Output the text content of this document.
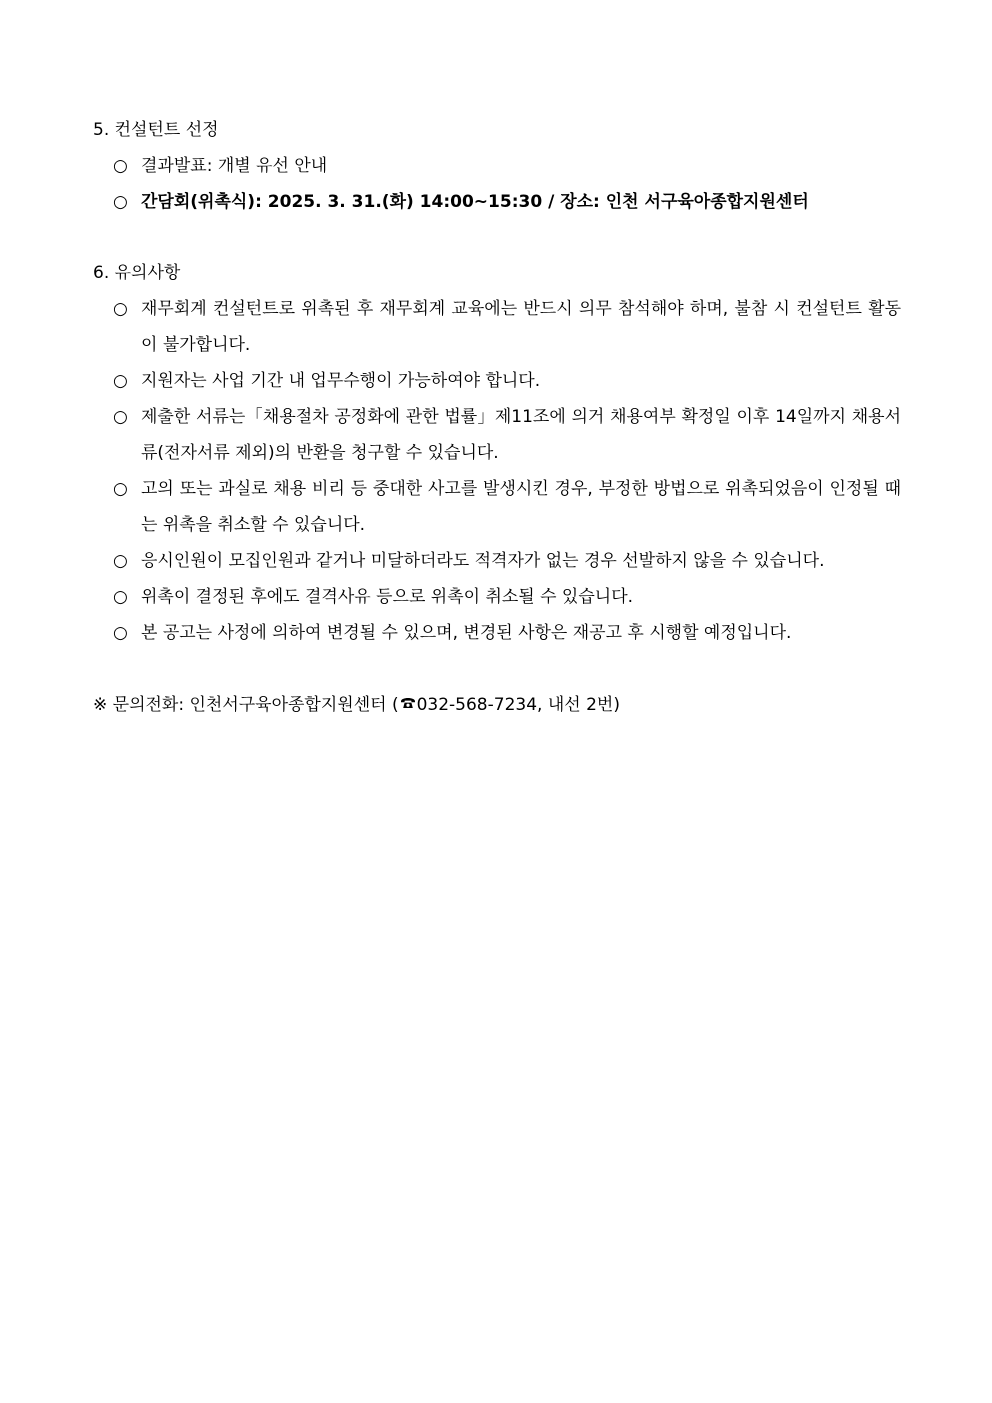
5. 컨설턴트 선정
○ 결과발표: 개별 유선 안내
○ 간담회(위촉식): 2025. 3. 31.(화) 14:00~15:30 / 장소: 인천 서구육아종합지원센터
6. 유의사항
○ 재무회계 컨설턴트로 위촉된 후 재무회계 교육에는 반드시 의무 참석해야 하며, 불참 시 컨설턴트 활동이 불가합니다.
○ 지원자는 사업 기간 내 업무수행이 가능하여야 합니다.
○ 제출한 서류는「채용절차 공정화에 관한 법률」제11조에 의거 채용여부 확정일 이후 14일까지 채용서류(전자서류 제외)의 반환을 청구할 수 있습니다.
○ 고의 또는 과실로 채용 비리 등 중대한 사고를 발생시킨 경우, 부정한 방법으로 위촉되었음이 인정될 때는 위촉을 취소할 수 있습니다.
○ 응시인원이 모집인원과 같거나 미달하더라도 적격자가 없는 경우 선발하지 않을 수 있습니다.
○ 위촉이 결정된 후에도 결격사유 등으로 위촉이 취소될 수 있습니다.
○ 본 공고는 사정에 의하여 변경될 수 있으며, 변경된 사항은 재공고 후 시행할 예정입니다.
※ 문의전화: 인천서구육아종합지원센터 ( 032-568-7234, 내선 2번)
